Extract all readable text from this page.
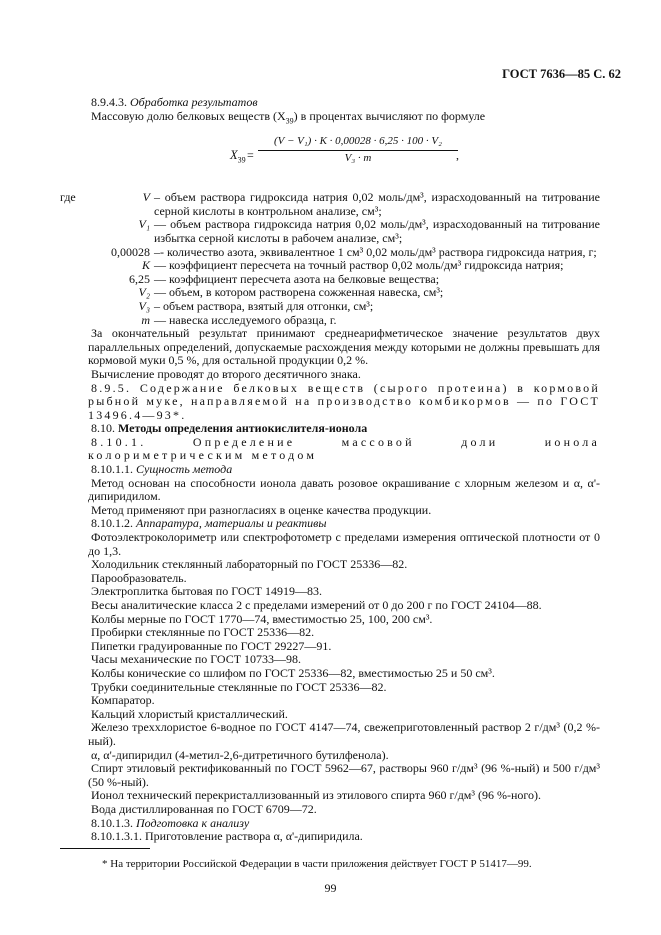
ГОСТ 7636—85 С. 62

8.9.4.3. Обработка результатов

Массовую долю белковых веществ $(X_{39})$ в процентах вычисляют по формуле

$X_{39} = \frac{\text{(V − V₁) · K · 0,00028 · 6,25 · 100 · V₂}}{\text{V₃ · m}}$
,
где	V – объем раствора гидроксида натрия 0,02 моль/дм³, израсходованный на титрование серной кислоты в контрольном анализе, см³;
V₁ — объем раствора гидроксида натрия 0,02 моль/дм³, израсходованный на титрование избытка серной кислоты в рабочем анализе, см³;
0,00028 –- количество азота, эквивалентное 1 см³ 0,02 моль/дм³ раствора гидроксида натрия, г;
K — коэффициент пересчета на точный раствор 0,02 моль/дм³ гидроксида натрия;
6,25 — коэффициент пересчета азота на белковые вещества;
V₂ — объем, в котором растворена сожженная навеска, см³;
V₃ – объем раствора, взятый для отгонки, см³;
m — навеска исследуемого образца, г.

За окончательный результат принимают среднеарифметическое значение результатов двух параллельных определений, допускаемые расхождения между которыми не должны превышать для кормовой муки 0,5 %, для остальной продукции 0,2 %.

Вычисление проводят до второго десятичного знака.

8.9.5. Содержание белковых веществ (сырого протеина) в кормовой рыбной муке, направляемой на производство комбикормов — по ГОСТ 13496.4—93*.

8.10. Методы определения антиокислителя-ионола

8.10.1. Определение массовой доли ионола колориметрическим методом

8.10.1.1. Сущность метода

Метод основан на способности ионола давать розовое окрашивание с хлорным железом и α, α'-дипиридилом.

Метод применяют при разногласиях в оценке качества продукции.

8.10.1.2. Аппаратура, материалы и реактивы

Фотоэлектроколориметр или спектрофотометр с пределами измерения оптической плотности от 0 до 1,3.

Холодильник стеклянный лабораторный по ГОСТ 25336—82.

Парообразователь.

Электроплитка бытовая по ГОСТ 14919—83.

Весы аналитические класса 2 с пределами измерений от 0 до 200 г по ГОСТ 24104—88.

Колбы мерные по ГОСТ 1770—74, вместимостью 25, 100, 200 см³.

Пробирки стеклянные по ГОСТ 25336—82.

Пипетки градуированные по ГОСТ 29227—91.

Часы механические по ГОСТ 10733—98.

Колбы конические со шлифом по ГОСТ 25336—82, вместимостью 25 и 50 см³.

Трубки соединительные стеклянные по ГОСТ 25336—82.

Компаратор.

Кальций хлористый кристаллический.

Железо треххлористое 6-водное по ГОСТ 4147—74, свежеприготовленный раствор 2 г/дм³ (0,2 %-ный).

α, α'-дипиридил (4-метил-2,6-дитретичного бутилфенола).

Спирт этиловый ректификованный по ГОСТ 5962—67, растворы 960 г/дм³ (96 %-ный) и 500 г/дм³ (50 %-ный).

Ионол технический перекристаллизованный из этилового спирта 960 г/дм³ (96 %-ного).

Вода дистиллированная по ГОСТ 6709—72.

8.10.1.3. Подготовка к анализу

8.10.1.3.1. Приготовление раствора α, α'-дипиридила.

* На территории Российской Федерации в части приложения действует ГОСТ Р 51417—99.
99
